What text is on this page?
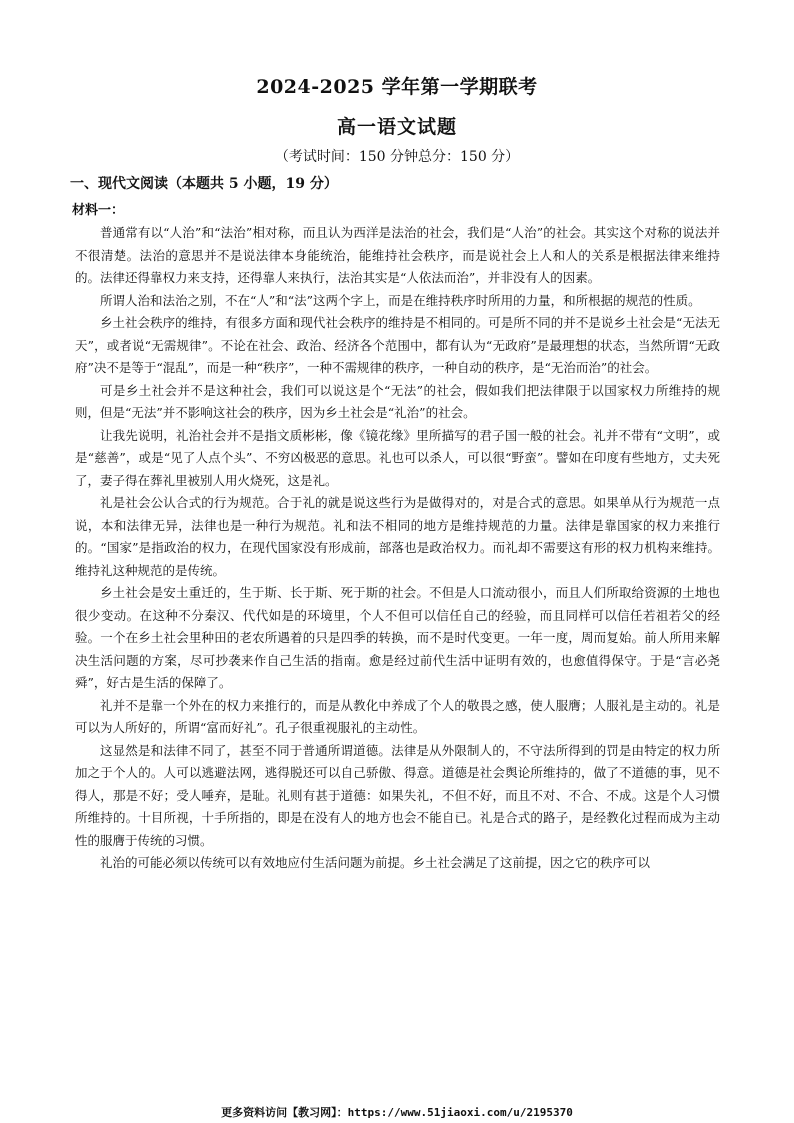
2024-2025 学年第一学期联考
高一语文试题
（考试时间：150 分钟总分：150 分）
一、现代文阅读（本题共 5 小题，19 分）
材料一：

普通常有以“人治”和“法治”相对称，而且认为西洋是法治的社会，我们是“人治”的社会。其实这个对称的说法并不很清楚。法治的意思并不是说法律本身能统治，能维持社会秩序，而是说社会上人和人的关系是根据法律来维持的。法律还得靠权力来支持，还得靠人来执行，法治其实是“人依法而治”，并非没有人的因素。

所谓人治和法治之别，不在“人”和“法”这两个字上，而是在维持秩序时所用的力量，和所根据的规范的性质。

乡土社会秩序的维持，有很多方面和现代社会秩序的维持是不相同的。可是所不同的并不是说乡土社会是“无法无天”，或者说“无需规律”。不论在社会、政治、经济各个范围中，都有认为“无政府”是最理想的状态，当然所谓“无政府”决不是等于“混乱”，而是一种“秩序”，一种不需规律的秩序，一种自动的秩序，是“无治而治”的社会。

可是乡土社会并不是这种社会，我们可以说这是个“无法”的社会，假如我们把法律限于以国家权力所维持的规则，但是“无法”并不影响这社会的秩序，因为乡土社会是“礼治”的社会。

让我先说明，礼治社会并不是指文质彬彬，像《镜花缘》里所描写的君子国一般的社会。礼并不带有“文明”，或是“慈善”，或是“见了人点个头”、不穷凶极恶的意思。礼也可以杀人，可以很“野蛮”。譬如在印度有些地方，丈夫死了，妻子得在葬礼里被别人用火烧死，这是礼。

礼是社会公认合式的行为规范。合于礼的就是说这些行为是做得对的，对是合式的意思。如果单从行为规范一点说，本和法律无异，法律也是一种行为规范。礼和法不相同的地方是维持规范的力量。法律是靠国家的权力来推行的。“国家”是指政治的权力，在现代国家没有形成前，部落也是政治权力。而礼却不需要这有形的权力机构来维持。维持礼这种规范的是传统。

乡土社会是安土重迁的，生于斯、长于斯、死于斯的社会。不但是人口流动很小，而且人们所取给资源的土地也很少变动。在这种不分秦汉、代代如是的环境里，个人不但可以信任自己的经验，而且同样可以信任若祖若父的经验。一个在乡土社会里种田的老农所遇着的只是四季的转换，而不是时代变更。一年一度，周而复始。前人所用来解决生活问题的方案，尽可抄袭来作自己生活的指南。愈是经过前代生活中证明有效的，也愈值得保守。于是“言必尧舜”，好古是生活的保障了。

礼并不是靠一个外在的权力来推行的，而是从教化中养成了个人的敬畏之感，使人服膺；人服礼是主动的。礼是可以为人所好的，所谓“富而好礼”。孔子很重视服礼的主动性。

这显然是和法律不同了，甚至不同于普通所谓道德。法律是从外限制人的，不守法所得到的罚是由特定的权力所加之于个人的。人可以逃避法网，逃得脱还可以自己骄傲、得意。道德是社会舆论所维持的，做了不道德的事，见不得人，那是不好；受人唾弃，是耻。礼则有甚于道德：如果失礼，不但不好，而且不对、不合、不成。这是个人习惯所维持的。十目所视，十手所指的，即是在没有人的地方也会不能自已。礼是合式的路子，是经教化过程而成为主动性的服膺于传统的习惯。

礼治的可能必须以传统可以有效地应付生活问题为前提。乡土社会满足了这前提，因之它的秩序可以

更多资料访问【教习网】：https://www.51jiaoxi.com/u/2195370
